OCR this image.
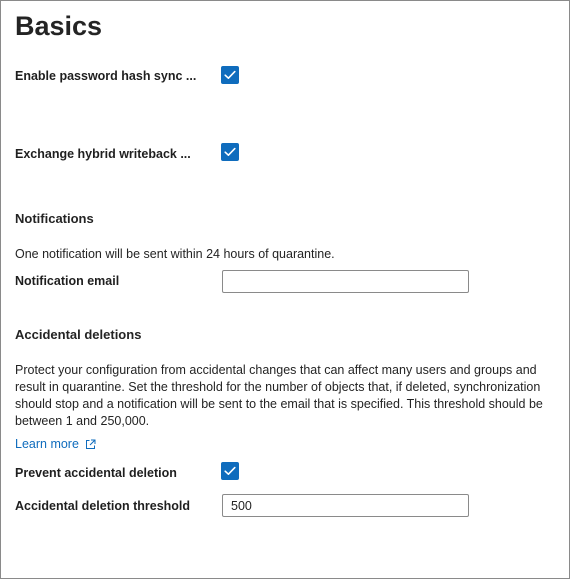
Basics
Enable password hash sync ...
Exchange hybrid writeback ...
Notifications
One notification will be sent within 24 hours of quarantine.
Notification email
Accidental deletions
Protect your configuration from accidental changes that can affect many users and groups and result in quarantine. Set the threshold for the number of objects that, if deleted, synchronization should stop and a notification will be sent to the email that is specified. This threshold should be between 1 and 250,000.
Learn more
Prevent accidental deletion
Accidental deletion threshold
500
